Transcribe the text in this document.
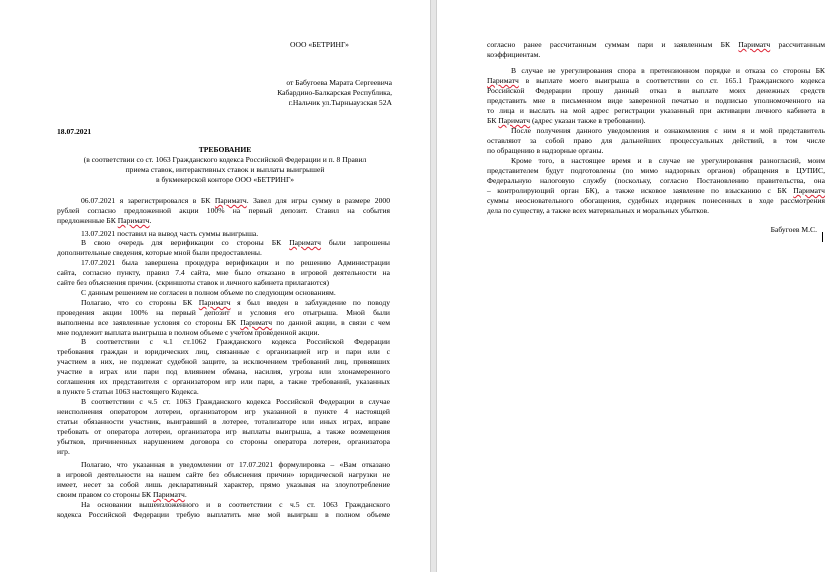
ООО «БЕТРИНГ»
от Бабугоева Марата Сергеевича
Кабардино-Балкарская Республика,
г.Нальчик ул.Тырныаузская 52А
18.07.2021
ТРЕБОВАНИЕ
(в соответствии со ст. 1063 Гражданского кодекса Российской Федерации и п. 8 Правил
приема ставок, интерактивных ставок и выплаты выигрышей
в букмекерской конторе ООО «БЕТРИНГ»
06.07.2021 я зарегистрировался в БК Париматч. Завел для игры сумму в размере 2000
рублей согласно предложенной акции 100% на первый депозит. Ставил на события
предложенные БК Париматч.
13.07.2021 поставил на вывод часть суммы выигрыша.
В свою очередь для верификации со стороны БК Париматч были запрошены
дополнительные сведения, которые мной были предоставлены.
17.07.2021 была завершена процедура верификации и по решению Администрации
сайта, согласно пункту, правил 7.4 сайта, мне было отказано в игровой деятельности на
сайте без объяснения причин. (скриншоты ставок и личного кабинета прилагаются)
С данным решением не согласен в полном объеме по следующим основаниям.
Полагаю, что со стороны БК Париматч я был введен в заблуждение по поводу
проведения акции 100% на первый депозит и условия его отыгрыша. Мной были
выполнены все заявленные условия со стороны БК Париматч по данной акции, в связи с чем
мне подлежит выплата выигрыша в полном объеме с учетом проведенной акции.
В соответствии с ч.1 ст.1062 Гражданского кодекса Российской Федерации
требования граждан и юридических лиц, связанные с организацией игр и пари или с
участием в них, не подлежат судебной защите, за исключением требований лиц, принявших
участие в играх или пари под влиянием обмана, насилия, угрозы или злонамеренного
соглашения их представителя с организатором игр или пари, а также требований, указанных
в пункте 5 статьи 1063 настоящего Кодекса.
В соответствии с ч.5 ст. 1063 Гражданского кодекса Российской Федерации в случае
неисполнения оператором лотереи, организатором игр указанной в пункте 4 настоящей
статьи обязанности участник, выигравший в лотерее, тотализаторе или иных играх, вправе
требовать от оператора лотереи, организатора игр выплаты выигрыша, а также возмещения
убытков, причиненных нарушением договора со стороны оператора лотереи, организатора
игр.
Полагаю, что указанная в уведомлении от 17.07.2021 формулировка – «Вам отказано
в игровой деятельности на нашем сайте без объяснения причин» юридической нагрузки не
имеет, несет за собой лишь декларативный характер, прямо указывая на злоупотребление
своим правом со стороны БК Париматч.
На основании вышеизложенного и в соответствии с ч.5 ст. 1063 Гражданского
кодекса Российской Федерации требую выплатить мне мой выигрыш в полном объеме
согласно ранее рассчитанным суммам пари и заявленным БК Париматч рассчитанным
коэффициентам.
В случае не урегулирования спора в претензионном порядке и отказа со стороны БК
Париматч в выплате моего выигрыша в соответствии со ст. 165.1 Гражданского кодекса
Российской Федерации прошу данный отказ в выплате моих денежных средств
представить мне в письменном виде заверенной печатью и подписью уполномоченного на
то лица и выслать на мой адрес регистрации указанный при активации личного кабинета в
БК Париматч (адрес указан также в требовании).
После получения данного уведомления и ознакомления с ним я и мой представитель
оставляют за собой право для дальнейших процессуальных действий, в том числе
по обращению в надзорные органы.
Кроме того, в настоящее время и в случае не урегулирования разногласий, моим
представителем будут подготовлены (по мимо надзорных органов) обращения в ЦУПИС,
Федеральную налоговую службу (поскольку, согласно Постановлению правительства, она
– контролирующий орган БК), а также исковое заявление по взысканию с БК Париматч
суммы неосновательного обогащения, судебных издержек понесенных в ходе рассмотрения
дела по существу, а также всех материальных и моральных убытков.
Бабугоев М.С.
